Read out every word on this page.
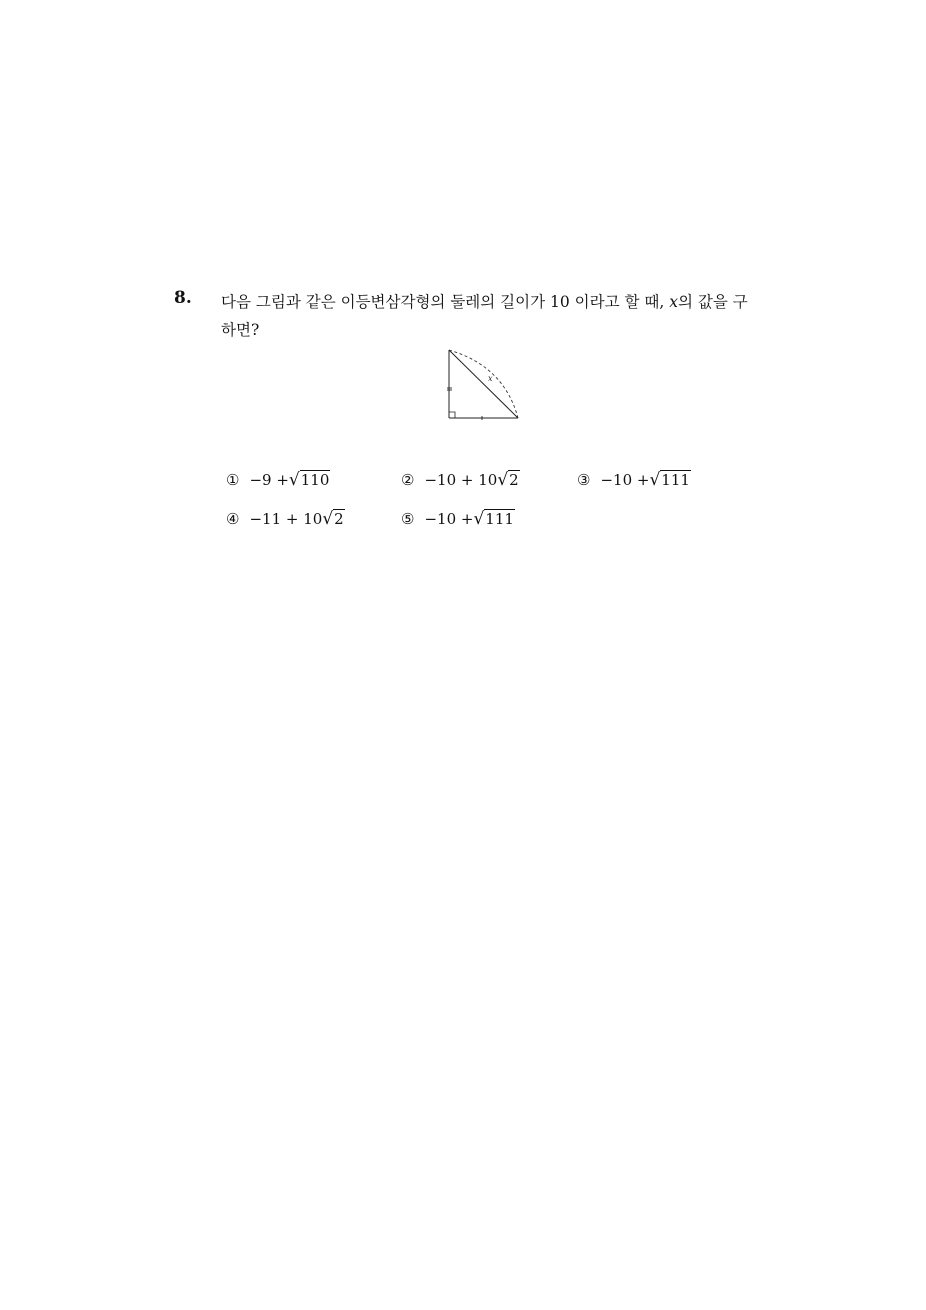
8. 다음 그림과 같은 이등변삼각형의 둘레의 길이가 10 이라고 할 때, x의 값을 구하면?
x
① −9 + √ 110	② −10 + 10 √ 2	③ −10 + √ 111
④ −11 + 10 √ 2	⑤ −10 + √ 111
